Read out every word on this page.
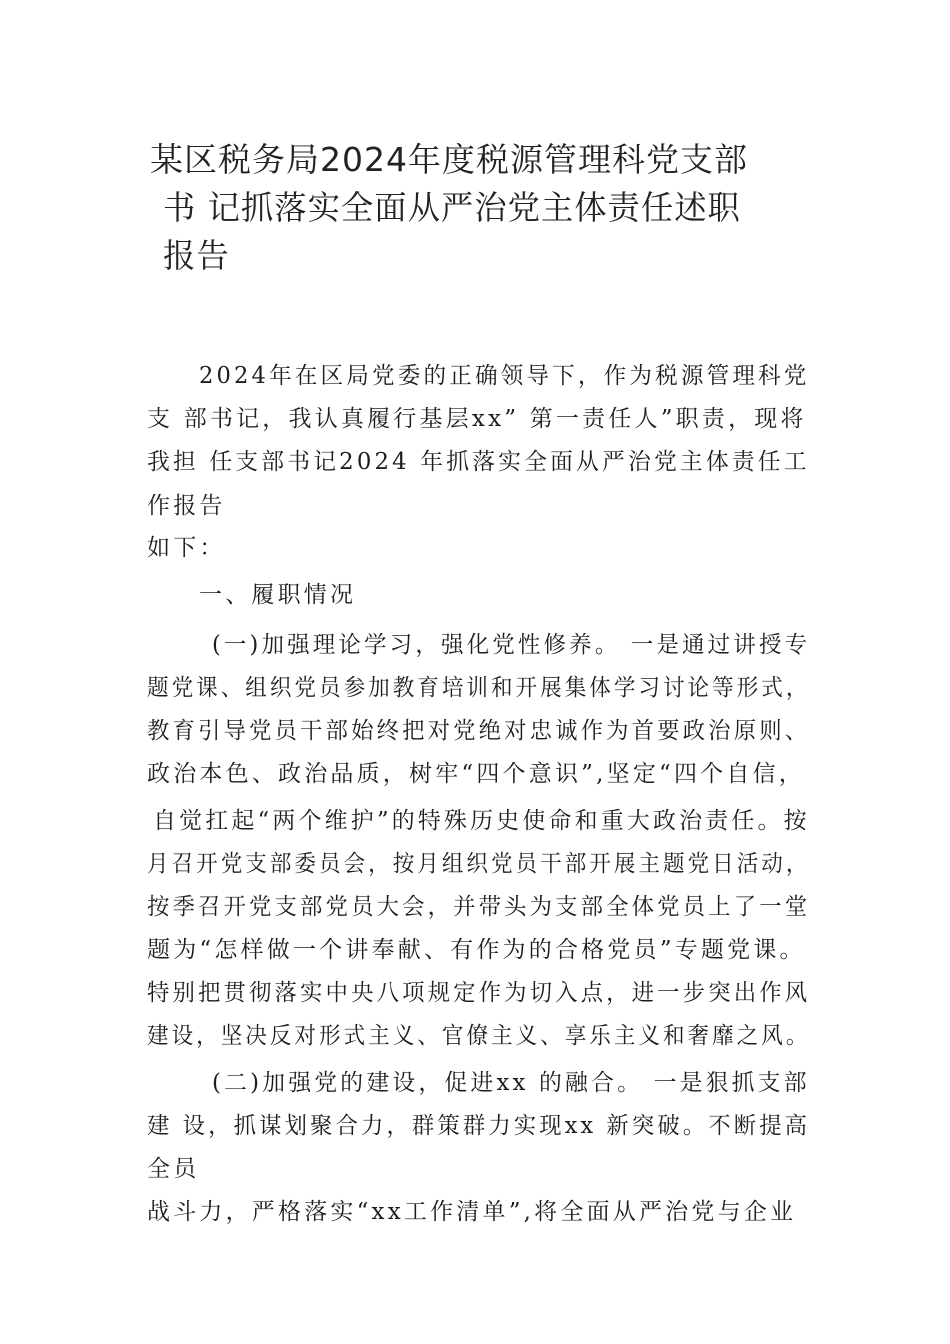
某区税务局2024年度税源管理科党支部
书 记抓落实全面从严治党主体责任述职
报告
2024年在区局党委的正确领导下，作为税源管理科党
支 部书记，我认真履行基层xx” 第一责任人”职责，现将
我担 任支部书记2024 年抓落实全面从严治党主体责任工
作报告
如下：
一、履职情况
(一)加强理论学习，强化党性修养。 一是通过讲授专
题党课、组织党员参加教育培训和开展集体学习讨论等形式，
教育引导党员干部始终把对党绝对忠诚作为首要政治原则、
政治本色、政治品质，树牢“四个意识”,坚定“四个自信，
自觉扛起“两个维护”的特殊历史使命和重大政治责任。按
月召开党支部委员会，按月组织党员干部开展主题党日活动，
按季召开党支部党员大会，并带头为支部全体党员上了一堂
题为“怎样做一个讲奉献、有作为的合格党员”专题党课。
特别把贯彻落实中央八项规定作为切入点，进一步突出作风
建设，坚决反对形式主义、官僚主义、享乐主义和奢靡之风。
(二)加强党的建设，促进xx 的融合。 一是狠抓支部
建 设，抓谋划聚合力，群策群力实现xx 新突破。不断提高
全员
战斗力，严格落实“xx工作清单”,将全面从严治党与企业
